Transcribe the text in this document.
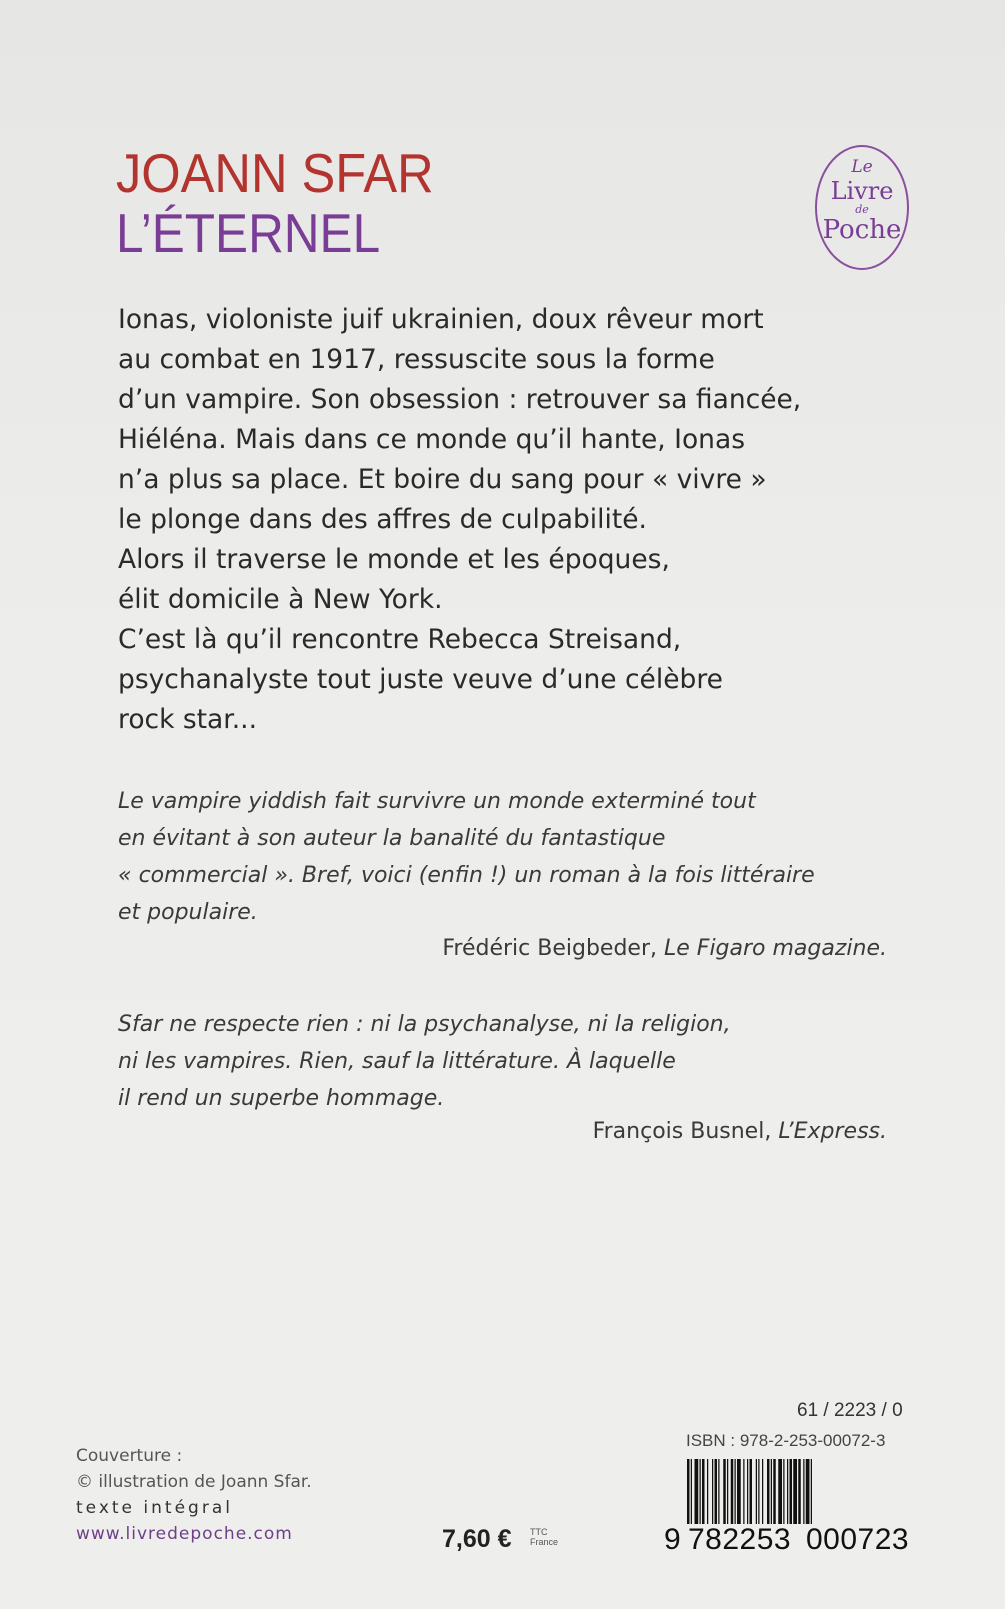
JOANN SFAR
L’ÉTERNEL
Le
Livre
de
Poche
Ionas, violoniste juif ukrainien, doux rêveur mort
au combat en 1917, ressuscite sous la forme
d’un vampire. Son obsession : retrouver sa fiancée,
Hiéléna. Mais dans ce monde qu’il hante, Ionas
n’a plus sa place. Et boire du sang pour « vivre »
le plonge dans des affres de culpabilité.
Alors il traverse le monde et les époques,
élit domicile à New York.
C’est là qu’il rencontre Rebecca Streisand,
psychanalyste tout juste veuve d’une célèbre
rock star...
Le vampire yiddish fait survivre un monde exterminé tout
en évitant à son auteur la banalité du fantastique
« commercial ». Bref, voici (enfin !) un roman à la fois littéraire
et populaire.
Frédéric Beigbeder, Le Figaro magazine.
Sfar ne respecte rien : ni la psychanalyse, ni la religion,
ni les vampires. Rien, sauf la littérature. À laquelle
il rend un superbe hommage.
François Busnel, L’Express.
Couverture :
© illustration de Joann Sfar.
texte intégral
www.livredepoche.com	7,60 € TTC
France
61 / 2223 / 0
ISBN : 978-2-253-00072-3
9 782253 000723
